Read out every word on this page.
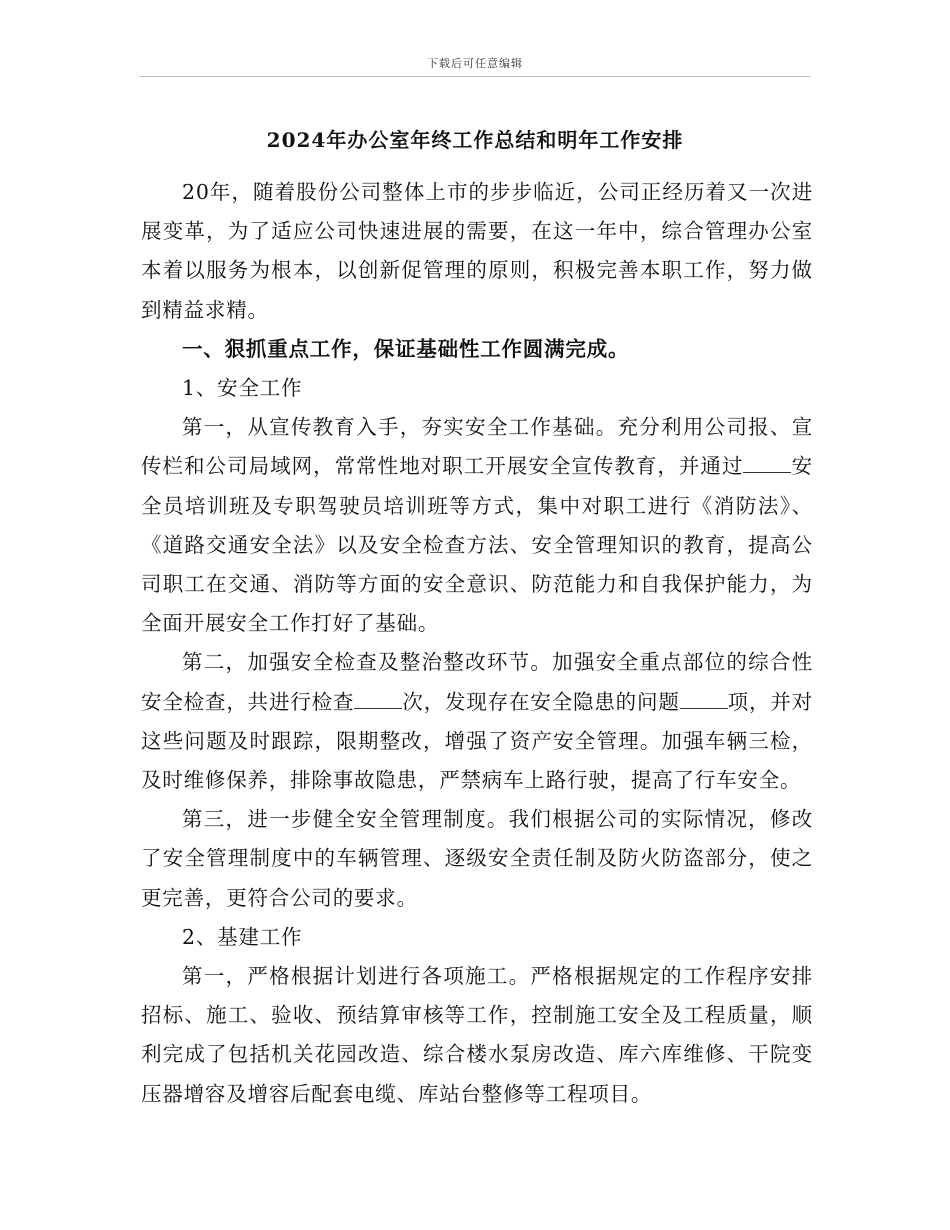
下载后可任意编辑
2024年办公室年终工作总结和明年工作安排

20年，随着股份公司整体上市的步步临近，公司正经历着又一次进展变革，为了适应公司快速进展的需要，在这一年中，综合管理办公室本着以服务为根本，以创新促管理的原则，积极完善本职工作，努力做到精益求精。

一、狠抓重点工作，保证基础性工作圆满完成。

1、安全工作

第一，从宣传教育入手，夯实安全工作基础。充分利用公司报、宣传栏和公司局域网，常常性地对职工开展安全宣传教育，并通过 安全员培训班及专职驾驶员培训班等方式，集中对职工进行《消防法》、《道路交通安全法》以及安全检查方法、安全管理知识的教育，提高公司职工在交通、消防等方面的安全意识、防范能力和自我保护能力，为全面开展安全工作打好了基础。

第二，加强安全检查及整治整改环节。加强安全重点部位的综合性安全检查，共进行检查 次，发现存在安全隐患的问题 项，并对这些问题及时跟踪，限期整改，增强了资产安全管理。加强车辆三检，及时维修保养，排除事故隐患，严禁病车上路行驶，提高了行车安全。

第三，进一步健全安全管理制度。我们根据公司的实际情况，修改了安全管理制度中的车辆管理、逐级安全责任制及防火防盗部分，使之更完善，更符合公司的要求。

2、基建工作

第一，严格根据计划进行各项施工。严格根据规定的工作程序安排招标、施工、验收、预结算审核等工作，控制施工安全及工程质量，顺利完成了包括机关花园改造、综合楼水泵房改造、库六库维修、干院变压器增容及增容后配套电缆、库站台整修等工程项目。
